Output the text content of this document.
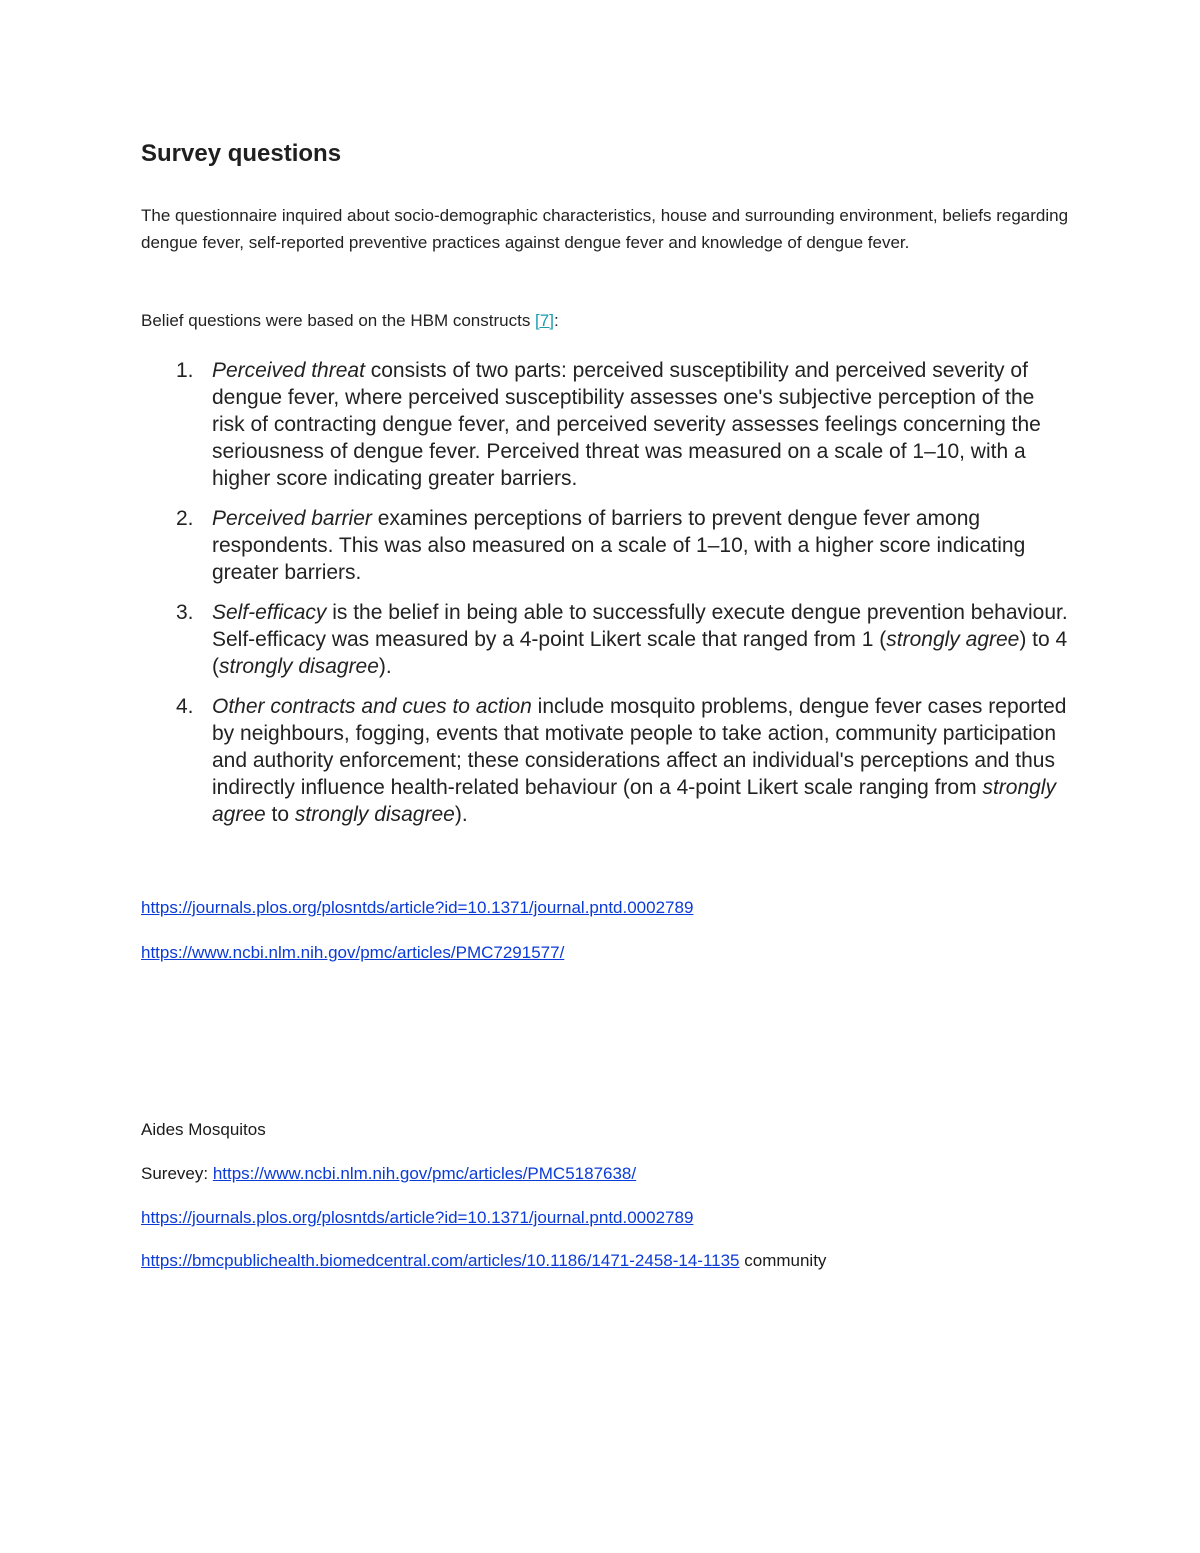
Survey questions

The questionnaire inquired about socio-demographic characteristics, house and surrounding environment, beliefs regarding dengue fever, self-reported preventive practices against dengue fever and knowledge of dengue fever.

Belief questions were based on the HBM constructs [7]:

1. Perceived threat consists of two parts: perceived susceptibility and perceived severity of dengue fever, where perceived susceptibility assesses one's subjective perception of the risk of contracting dengue fever, and perceived severity assesses feelings concerning the seriousness of dengue fever. Perceived threat was measured on a scale of 1–10, with a higher score indicating greater barriers.
2. Perceived barrier examines perceptions of barriers to prevent dengue fever among respondents. This was also measured on a scale of 1–10, with a higher score indicating greater barriers.
3. Self-efficacy is the belief in being able to successfully execute dengue prevention behaviour. Self-efficacy was measured by a 4-point Likert scale that ranged from 1 (strongly agree) to 4 (strongly disagree).
4. Other contracts and cues to action include mosquito problems, dengue fever cases reported by neighbours, fogging, events that motivate people to take action, community participation and authority enforcement; these considerations affect an individual's perceptions and thus indirectly influence health-related behaviour (on a 4-point Likert scale ranging from strongly agree to strongly disagree).

https://journals.plos.org/plosntds/article?id=10.1371/journal.pntd.0002789

https://www.ncbi.nlm.nih.gov/pmc/articles/PMC7291577/

Aides Mosquitos

Surevey: https://www.ncbi.nlm.nih.gov/pmc/articles/PMC5187638/

https://journals.plos.org/plosntds/article?id=10.1371/journal.pntd.0002789

https://bmcpublichealth.biomedcentral.com/articles/10.1186/1471-2458-14-1135 community
